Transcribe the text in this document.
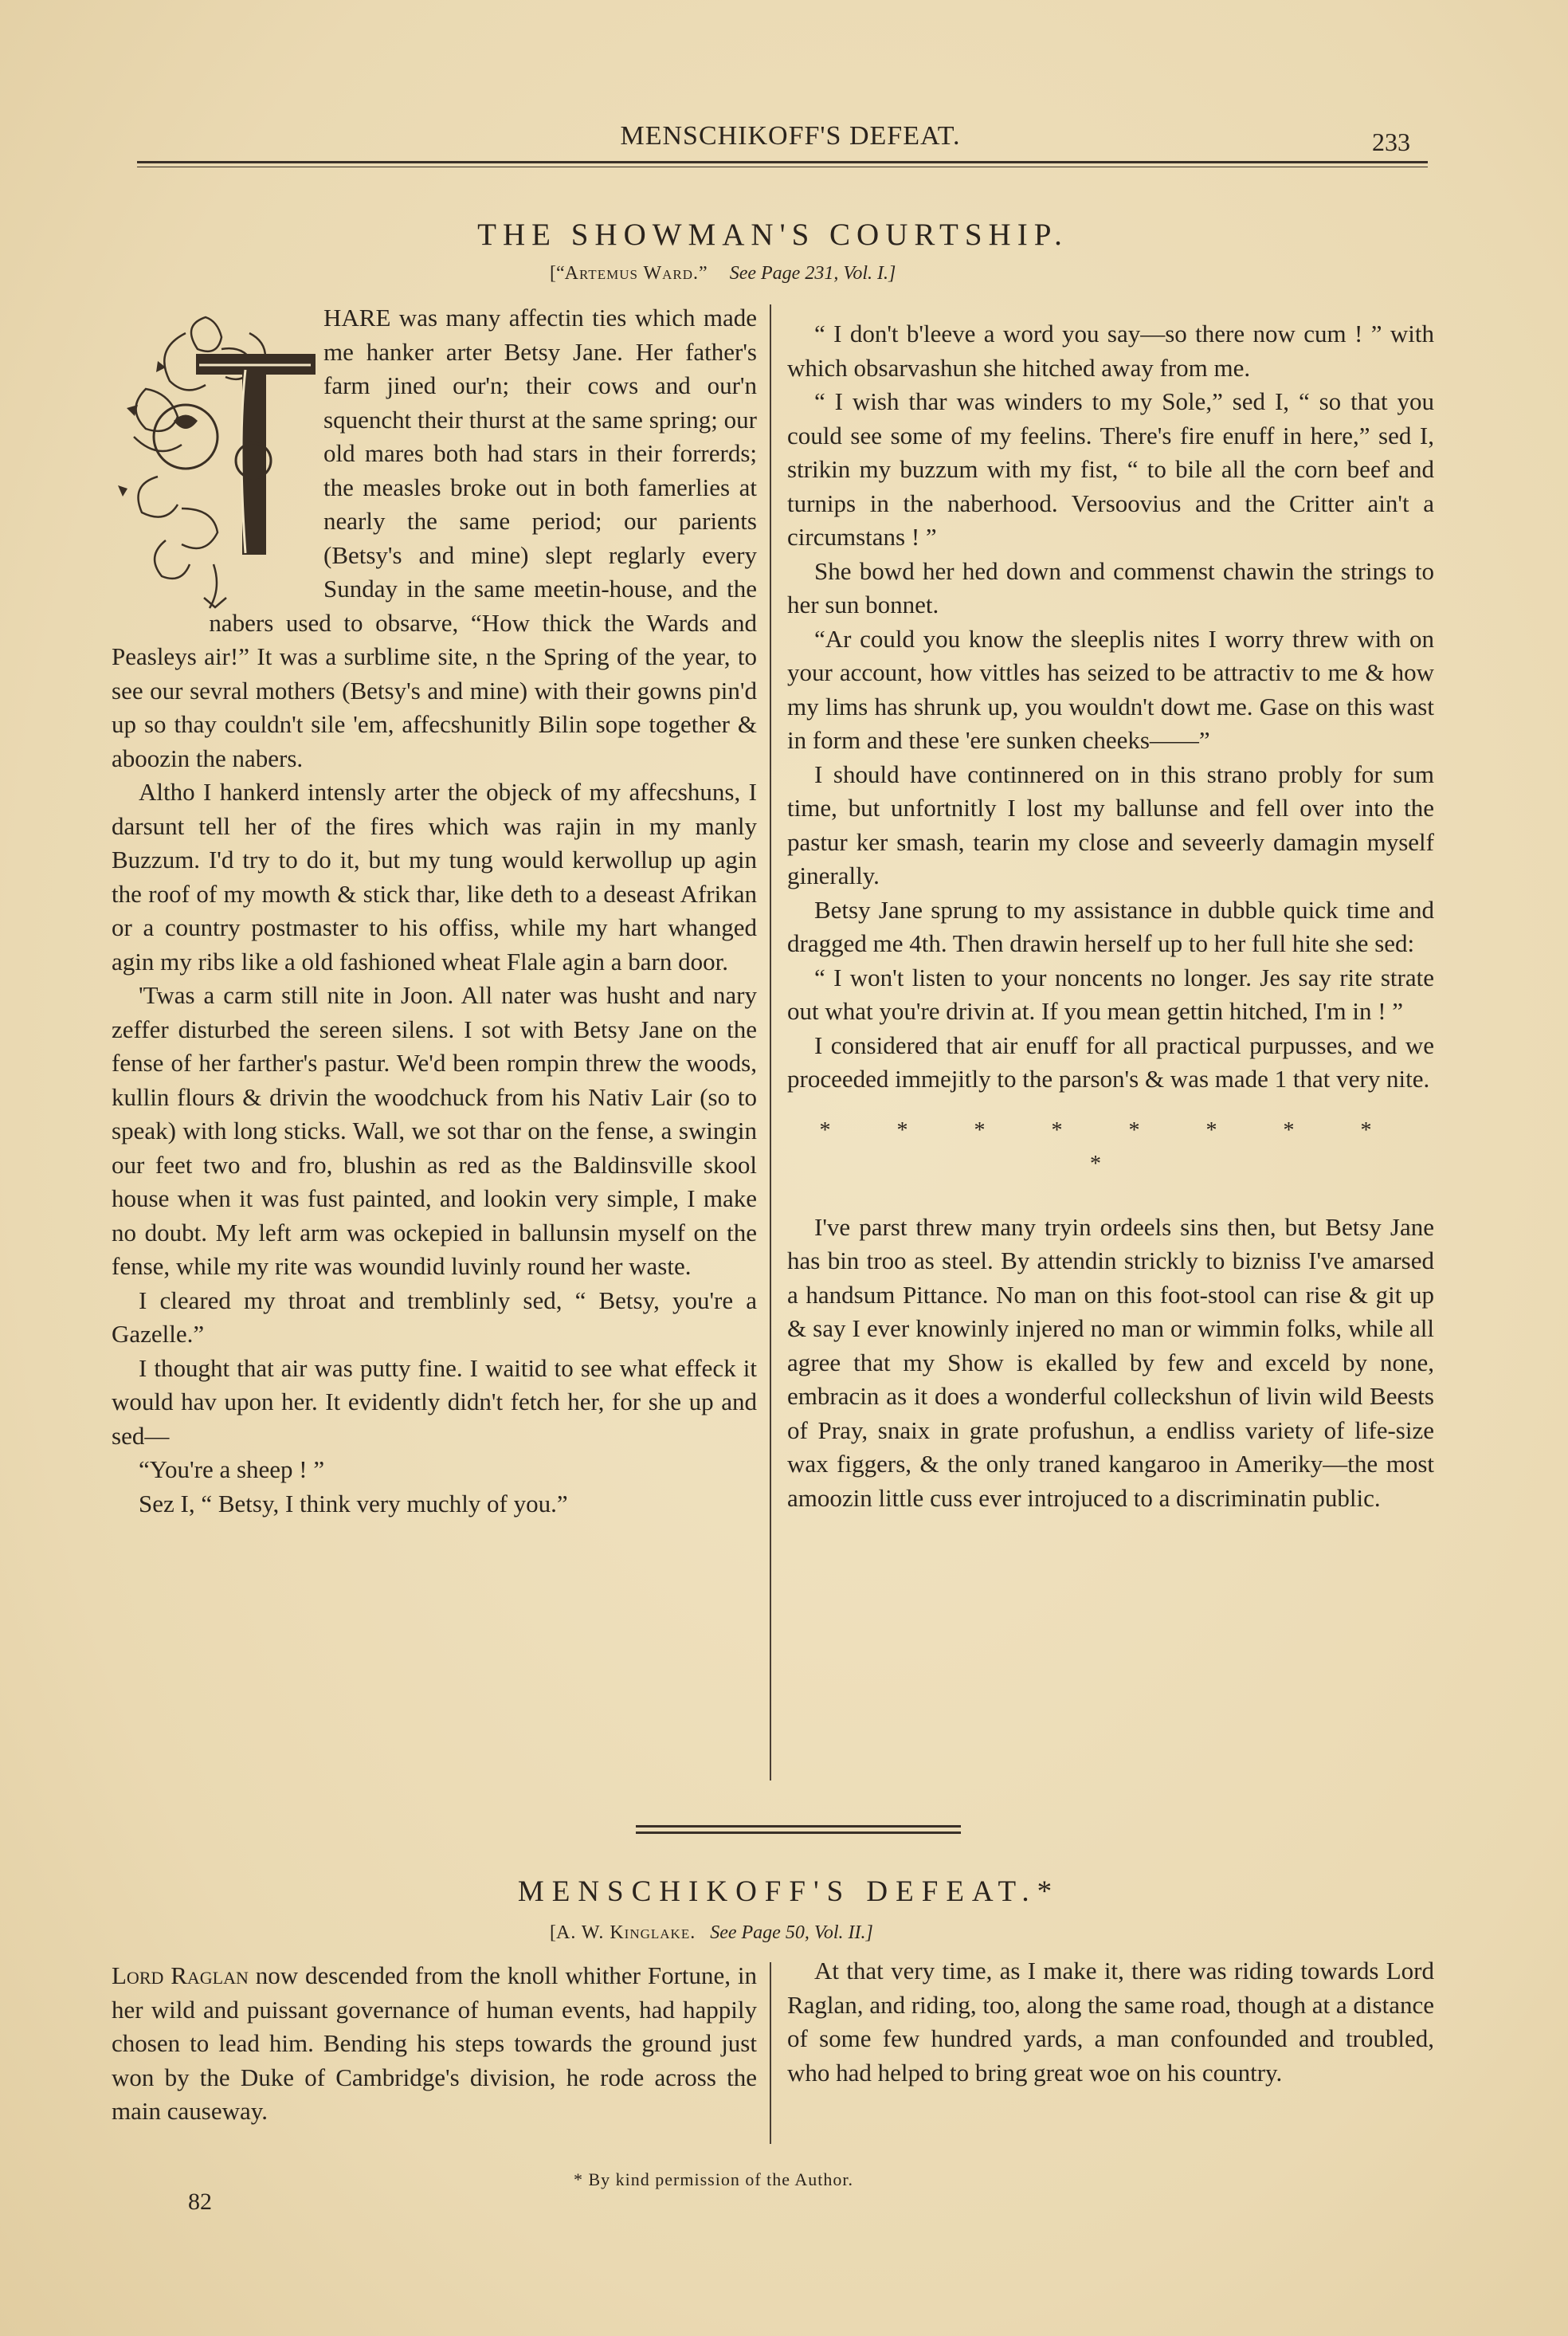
MENSCHIKOFF'S DEFEAT.	233
THE SHOWMAN'S COURTSHIP.
[“Artemus Ward.” See Page 231, Vol. I.]

HARE was many affectin ties which made me hanker arter Betsy Jane. Her father's farm jined our'n; their cows and our'n squencht their thurst at the same spring; our old mares both had stars in their forrerds; the measles broke out in both famerlies at nearly the same period; our parients (Betsy's and mine) slept reglarly every Sunday in the same meetin-house, and the nabers used to obsarve, “How thick the Wards and Peasleys air!” It was a surblime site, n the Spring of the year, to see our sevral mothers (Betsy's and mine) with their gowns pin'd up so thay couldn't sile 'em, affecshunitly Bilin sope together & aboozin the nabers.

Altho I hankerd intensly arter the objeck of my affecshuns, I darsunt tell her of the fires which was rajin in my manly Buzzum. I'd try to do it, but my tung would kerwollup up agin the roof of my mowth & stick thar, like deth to a deseast Afrikan or a country postmaster to his offiss, while my hart whanged agin my ribs like a old fashioned wheat Flale agin a barn door.

'Twas a carm still nite in Joon. All nater was husht and nary zeffer disturbed the sereen silens. I sot with Betsy Jane on the fense of her farther's pastur. We'd been rompin threw the woods, kullin flours & drivin the woodchuck from his Nativ Lair (so to speak) with long sticks. Wall, we sot thar on the fense, a swingin our feet two and fro, blushin as red as the Baldinsville skool house when it was fust painted, and lookin very simple, I make no doubt. My left arm was ockepied in ballunsin myself on the fense, while my rite was woundid luvinly round her waste.

I cleared my throat and tremblinly sed, “ Betsy, you're a Gazelle.”

I thought that air was putty fine. I waitid to see what effeck it would hav upon her. It evidently didn't fetch her, for she up and sed—

“You're a sheep ! ”

Sez I, “ Betsy, I think very muchly of you.”

“ I don't b'leeve a word you say—so there now cum ! ” with which obsarvashun she hitched away from me.

“ I wish thar was winders to my Sole,” sed I, “ so that you could see some of my feelins. There's fire enuff in here,” sed I, strikin my buzzum with my fist, “ to bile all the corn beef and turnips in the naberhood. Versoovius and the Critter ain't a circumstans ! ”

She bowd her hed down and commenst chawin the strings to her sun bonnet.

“Ar could you know the sleeplis nites I worry threw with on your account, how vittles has seized to be attractiv to me & how my lims has shrunk up, you wouldn't dowt me. Gase on this wast in form and these 'ere sunken cheeks——”

I should have continnered on in this strano probly for sum time, but unfortnitly I lost my ballunse and fell over into the pastur ker smash, tearin my close and seveerly damagin myself ginerally.

Betsy Jane sprung to my assistance in dubble quick time and dragged me 4th. Then drawin herself up to her full hite she sed:

“ I won't listen to your noncents no longer. Jes say rite strate out what you're drivin at. If you mean gettin hitched, I'm in ! ”

I considered that air enuff for all practical purpusses, and we proceeded immejitly to the parson's & was made 1 that very nite.

* * * * * * * * *

I've parst threw many tryin ordeels sins then, but Betsy Jane has bin troo as steel. By attendin strickly to bizniss I've amarsed a handsum Pittance. No man on this foot-stool can rise & git up & say I ever knowinly injered no man or wimmin folks, while all agree that my Show is ekalled by few and exceld by none, embracin as it does a wonderful colleckshun of livin wild Beests of Pray, snaix in grate profushun, a endliss variety of life-size wax figgers, & the only traned kangaroo in Ameriky—the most amoozin little cuss ever introjuced to a discriminatin public.

MENSCHIKOFF'S DEFEAT.*
[A. W. Kinglake. See Page 50, Vol. II.]

Lord Raglan now descended from the knoll whither Fortune, in her wild and puissant governance of human events, had happily chosen to lead him. Bending his steps towards the ground just won by the Duke of Cambridge's division, he rode across the main causeway.

At that very time, as I make it, there was riding towards Lord Raglan, and riding, too, along the same road, though at a distance of some few hundred yards, a man confounded and troubled, who had helped to bring great woe on his country.

* By kind permission of the Author.
82
